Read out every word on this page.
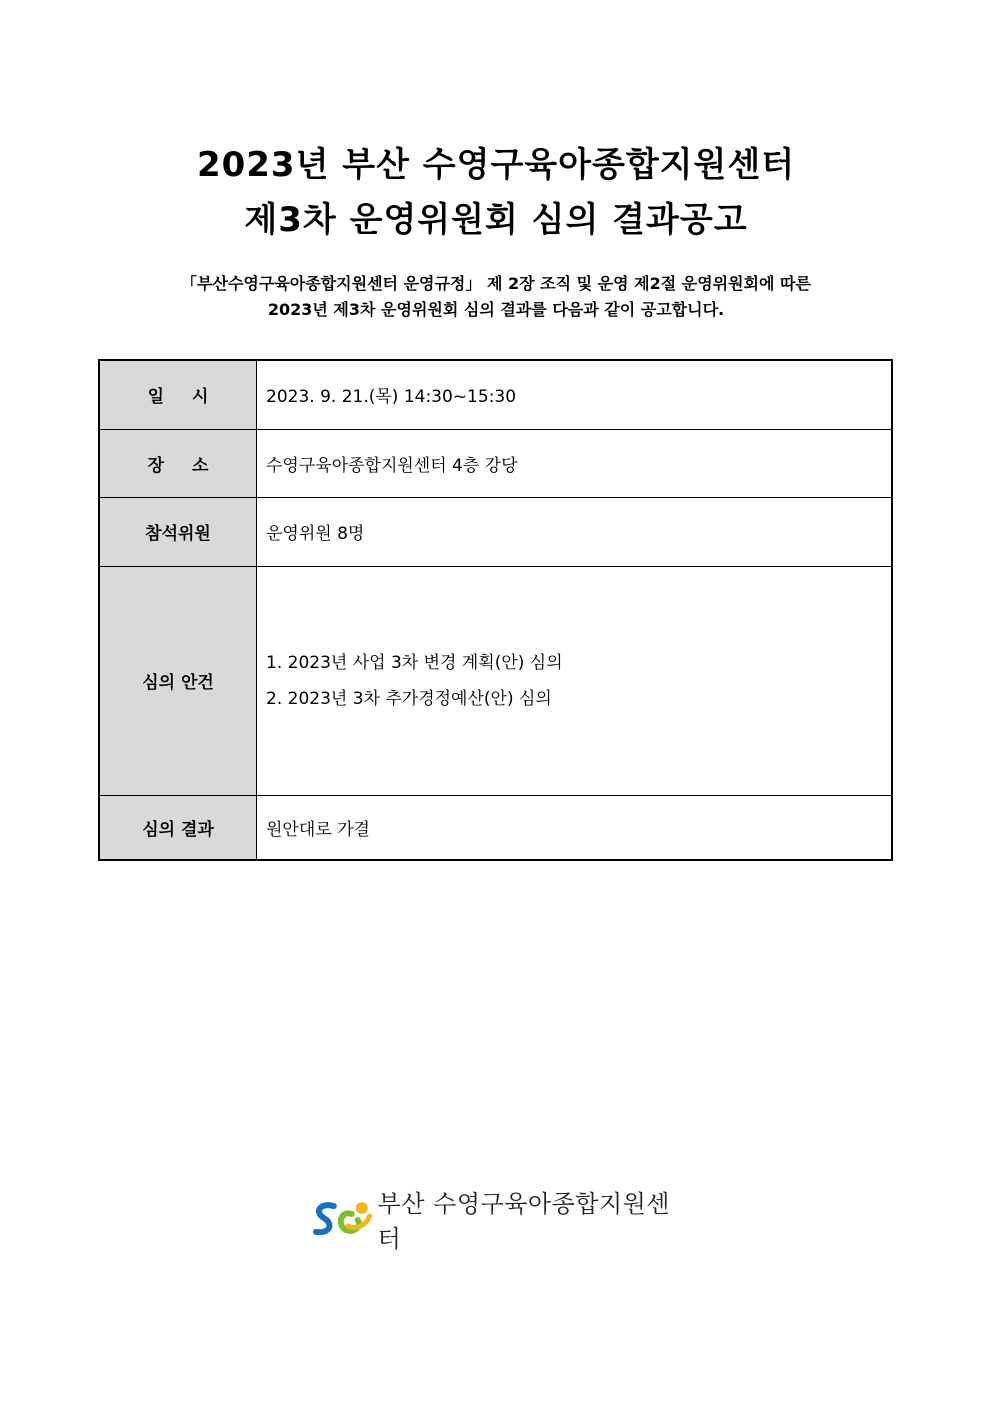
2023년 부산 수영구육아종합지원센터
제3차 운영위원회 심의 결과공고
「부산수영구육아종합지원센터 운영규정」 제 2장 조직 및 운영 제2절 운영위원회에 따른
2023년 제3차 운영위원회 심의 결과를 다음과 같이 공고합니다.
일시	2023. 9. 21.(목) 14:30~15:30
장소	수영구육아종합지원센터 4층 강당
참석위원	운영위원 8명
심의 안건	1. 2023년 사업 3차 변경 계획(안) 심의
2. 2023년 3차 추가경정예산(안) 심의

심의 결과	원안대로 가결
부산 수영구육아종합지원센터
